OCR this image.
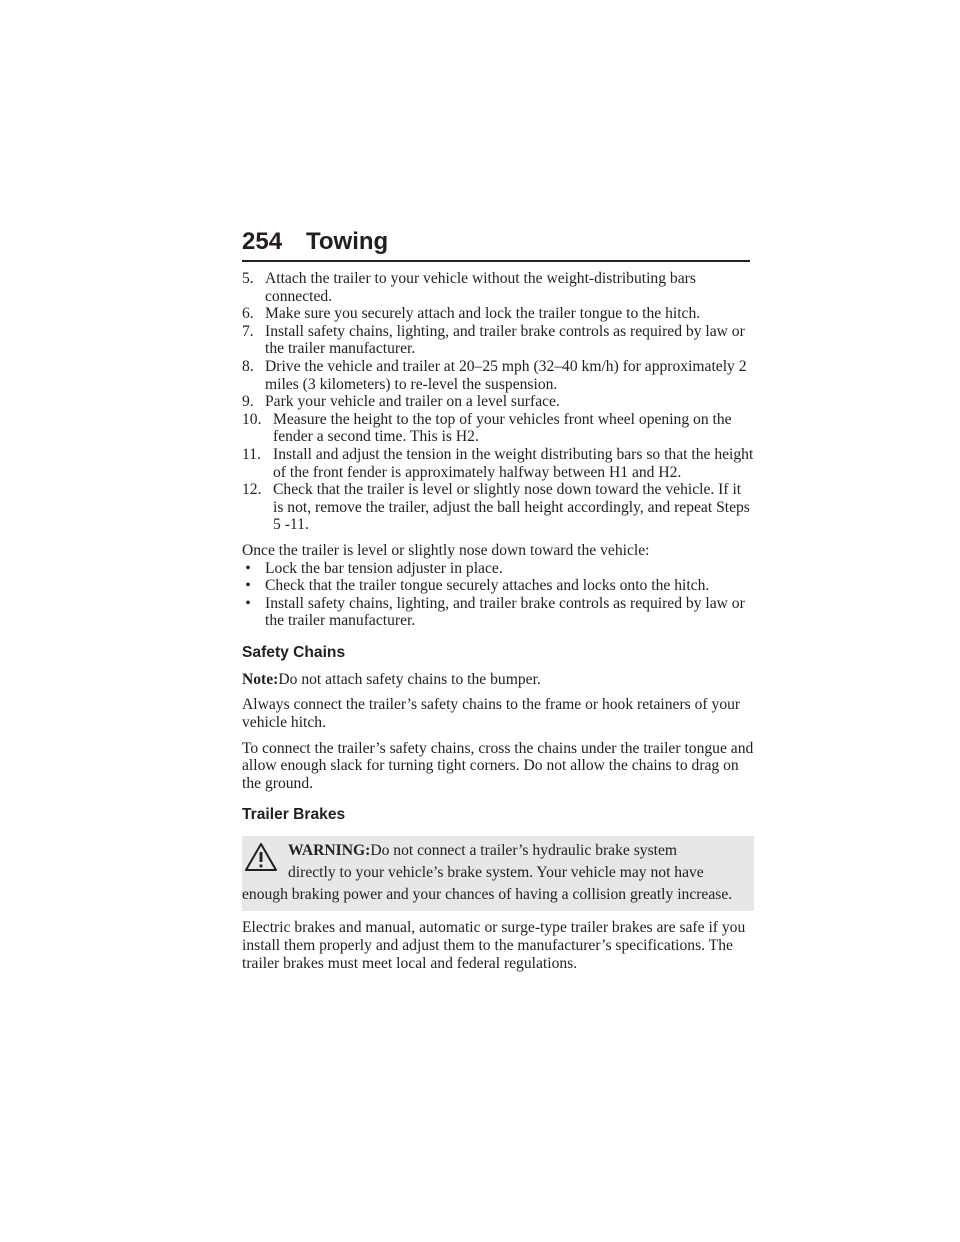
254 Towing
5. Attach the trailer to your vehicle without the weight-distributing bars connected.
6. Make sure you securely attach and lock the trailer tongue to the hitch.
7. Install safety chains, lighting, and trailer brake controls as required by law or the trailer manufacturer.
8. Drive the vehicle and trailer at 20–25 mph (32–40 km/h) for approximately 2 miles (3 kilometers) to re-level the suspension.
9. Park your vehicle and trailer on a level surface.
10. Measure the height to the top of your vehicles front wheel opening on the fender a second time. This is H2.
11. Install and adjust the tension in the weight distributing bars so that the height of the front fender is approximately halfway between H1 and H2.
12. Check that the trailer is level or slightly nose down toward the vehicle. If it is not, remove the trailer, adjust the ball height accordingly, and repeat Steps 5 -11.

Once the trailer is level or slightly nose down toward the vehicle:

• Lock the bar tension adjuster in place.
• Check that the trailer tongue securely attaches and locks onto the hitch.
• Install safety chains, lighting, and trailer brake controls as required by law or the trailer manufacturer.
Safety Chains

Note:Do not attach safety chains to the bumper.

Always connect the trailer’s safety chains to the frame or hook retainers of your vehicle hitch.

To connect the trailer’s safety chains, cross the chains under the trailer tongue and allow enough slack for turning tight corners. Do not allow the chains to drag on the ground.

Trailer Brakes
WARNING:Do not connect a trailer’s hydraulic brake system
directly to your vehicle’s brake system. Your vehicle may not have
enough braking power and your chances of having a collision greatly increase.

Electric brakes and manual, automatic or surge-type trailer brakes are safe if you install them properly and adjust them to the manufacturer’s specifications. The trailer brakes must meet local and federal regulations.
